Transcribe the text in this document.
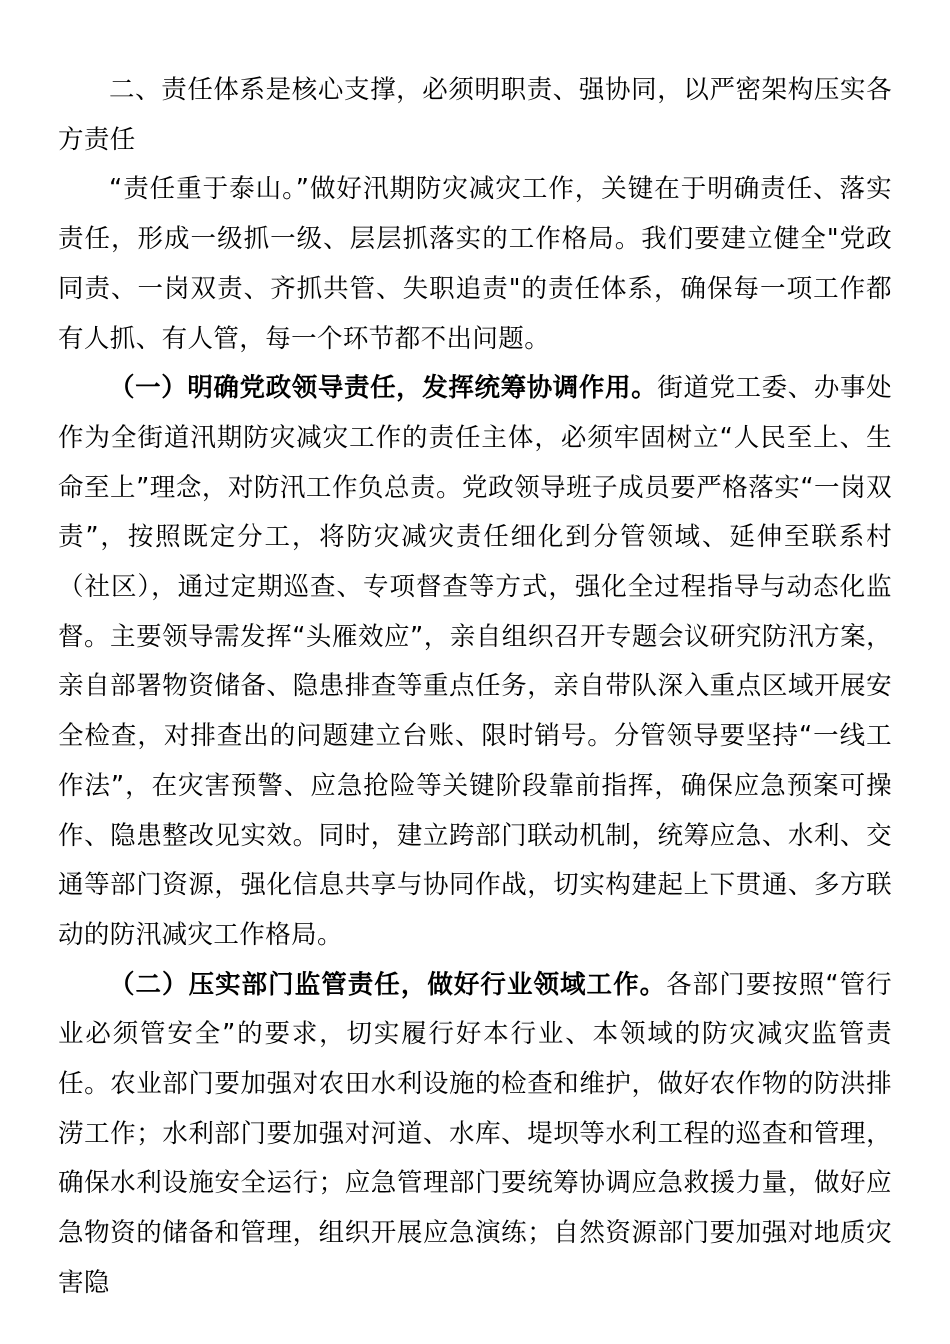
二、责任体系是核心支撑，必须明职责、强协同，以严密架构压实各方责任

“责任重于泰山。”做好汛期防灾减灾工作，关键在于明确责任、落实责任，形成一级抓一级、层层抓落实的工作格局。我们要建立健全"党政同责、一岗双责、齐抓共管、失职追责"的责任体系，确保每一项工作都有人抓、有人管，每一个环节都不出问题。

（一）明确党政领导责任，发挥统筹协调作用。街道党工委、办事处作为全街道汛期防灾减灾工作的责任主体，必须牢固树立“人民至上、生命至上”理念，对防汛工作负总责。党政领导班子成员要严格落实“一岗双责”，按照既定分工，将防灾减灾责任细化到分管领域、延伸至联系村（社区），通过定期巡查、专项督查等方式，强化全过程指导与动态化监督。主要领导需发挥“头雁效应”，亲自组织召开专题会议研究防汛方案，亲自部署物资储备、隐患排查等重点任务，亲自带队深入重点区域开展安全检查，对排查出的问题建立台账、限时销号。分管领导要坚持“一线工作法”，在灾害预警、应急抢险等关键阶段靠前指挥，确保应急预案可操作、隐患整改见实效。同时，建立跨部门联动机制，统筹应急、水利、交通等部门资源，强化信息共享与协同作战，切实构建起上下贯通、多方联动的防汛减灾工作格局。

（二）压实部门监管责任，做好行业领域工作。各部门要按照“管行业必须管安全”的要求，切实履行好本行业、本领域的防灾减灾监管责任。农业部门要加强对农田水利设施的检查和维护，做好农作物的防洪排涝工作；水利部门要加强对河道、水库、堤坝等水利工程的巡查和管理，确保水利设施安全运行；应急管理部门要统筹协调应急救援力量，做好应急物资的储备和管理，组织开展应急演练；自然资源部门要加强对地质灾害隐
